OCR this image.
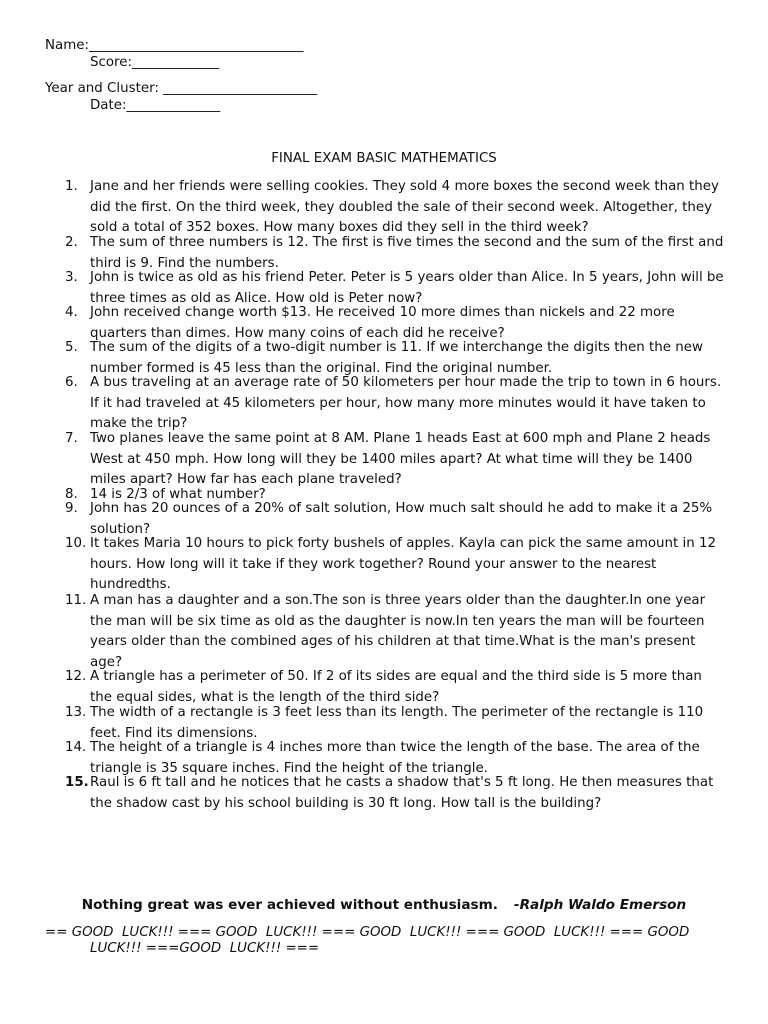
Name:________________________________
Score:_____________
Year and Cluster: _______________________
Date:______________
FINAL EXAM BASIC MATHEMATICS
1. Jane and her friends were selling cookies. They sold 4 more boxes the second week than they did the first. On the third week, they doubled the sale of their second week. Altogether, they sold a total of 352 boxes. How many boxes did they sell in the third week?
2. The sum of three numbers is 12. The first is five times the second and the sum of the first and third is 9. Find the numbers.
3. John is twice as old as his friend Peter. Peter is 5 years older than Alice. In 5 years, John will be three times as old as Alice. How old is Peter now?
4. John received change worth $13. He received 10 more dimes than nickels and 22 more quarters than dimes. How many coins of each did he receive?
5. The sum of the digits of a two-digit number is 11. If we interchange the digits then the new number formed is 45 less than the original. Find the original number.
6. A bus traveling at an average rate of 50 kilometers per hour made the trip to town in 6 hours. If it had traveled at 45 kilometers per hour, how many more minutes would it have taken to make the trip?
7. Two planes leave the same point at 8 AM. Plane 1 heads East at 600 mph and Plane 2 heads West at 450 mph. How long will they be 1400 miles apart? At what time will they be 1400 miles apart? How far has each plane traveled?
8. 14 is 2/3 of what number?
9. John has 20 ounces of a 20% of salt solution, How much salt should he add to make it a 25% solution?
10. It takes Maria 10 hours to pick forty bushels of apples. Kayla can pick the same amount in 12 hours. How long will it take if they work together? Round your answer to the nearest hundredths.
11. A man has a daughter and a son.The son is three years older than the daughter.In one year the man will be six time as old as the daughter is now.In ten years the man will be fourteen years older than the combined ages of his children at that time.What is the man's present age?
12. A triangle has a perimeter of 50. If 2 of its sides are equal and the third side is 5 more than the equal sides, what is the length of the third side?
13. The width of a rectangle is 3 feet less than its length. The perimeter of the rectangle is 110 feet. Find its dimensions.
14. The height of a triangle is 4 inches more than twice the length of the base. The area of the triangle is 35 square inches. Find the height of the triangle.
15. Raul is 6 ft tall and he notices that he casts a shadow that's 5 ft long. He then measures that the shadow cast by his school building is 30 ft long. How tall is the building?
Nothing great was ever achieved without enthusiasm. -Ralph Waldo Emerson
== GOOD  LUCK!!! === GOOD  LUCK!!! === GOOD  LUCK!!! === GOOD  LUCK!!! === GOOD
LUCK!!! ===GOOD  LUCK!!! ===
